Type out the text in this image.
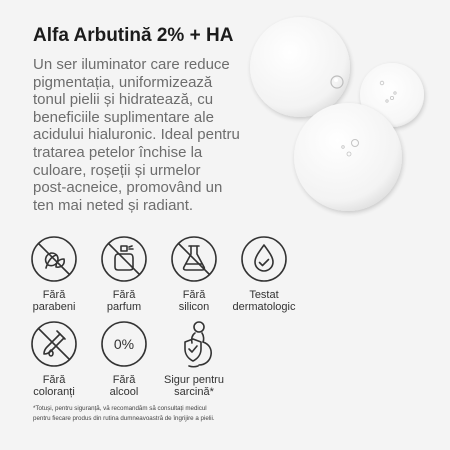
Alfa Arbutină 2% + HA
Un ser iluminator care reduce
pigmentația, uniformizează
tonul pielii și hidratează, cu
beneficiile suplimentare ale
acidului hialuronic. Ideal pentru
tratarea petelor închise la
culoare, roșeții și urmelor
post-acneice, promovând un
ten mai neted și radiant.
Fără
parabeni
Fără
parfum
Fără
silicon
Testat
dermatologic
Fără
coloranți
0%
Fără
alcool
Sigur pentru
sarcină*
*Totuși, pentru siguranță, vă recomandăm să consultați medicul
pentru fiecare produs din rutina dumneavoastră de îngrijire a pielii.
